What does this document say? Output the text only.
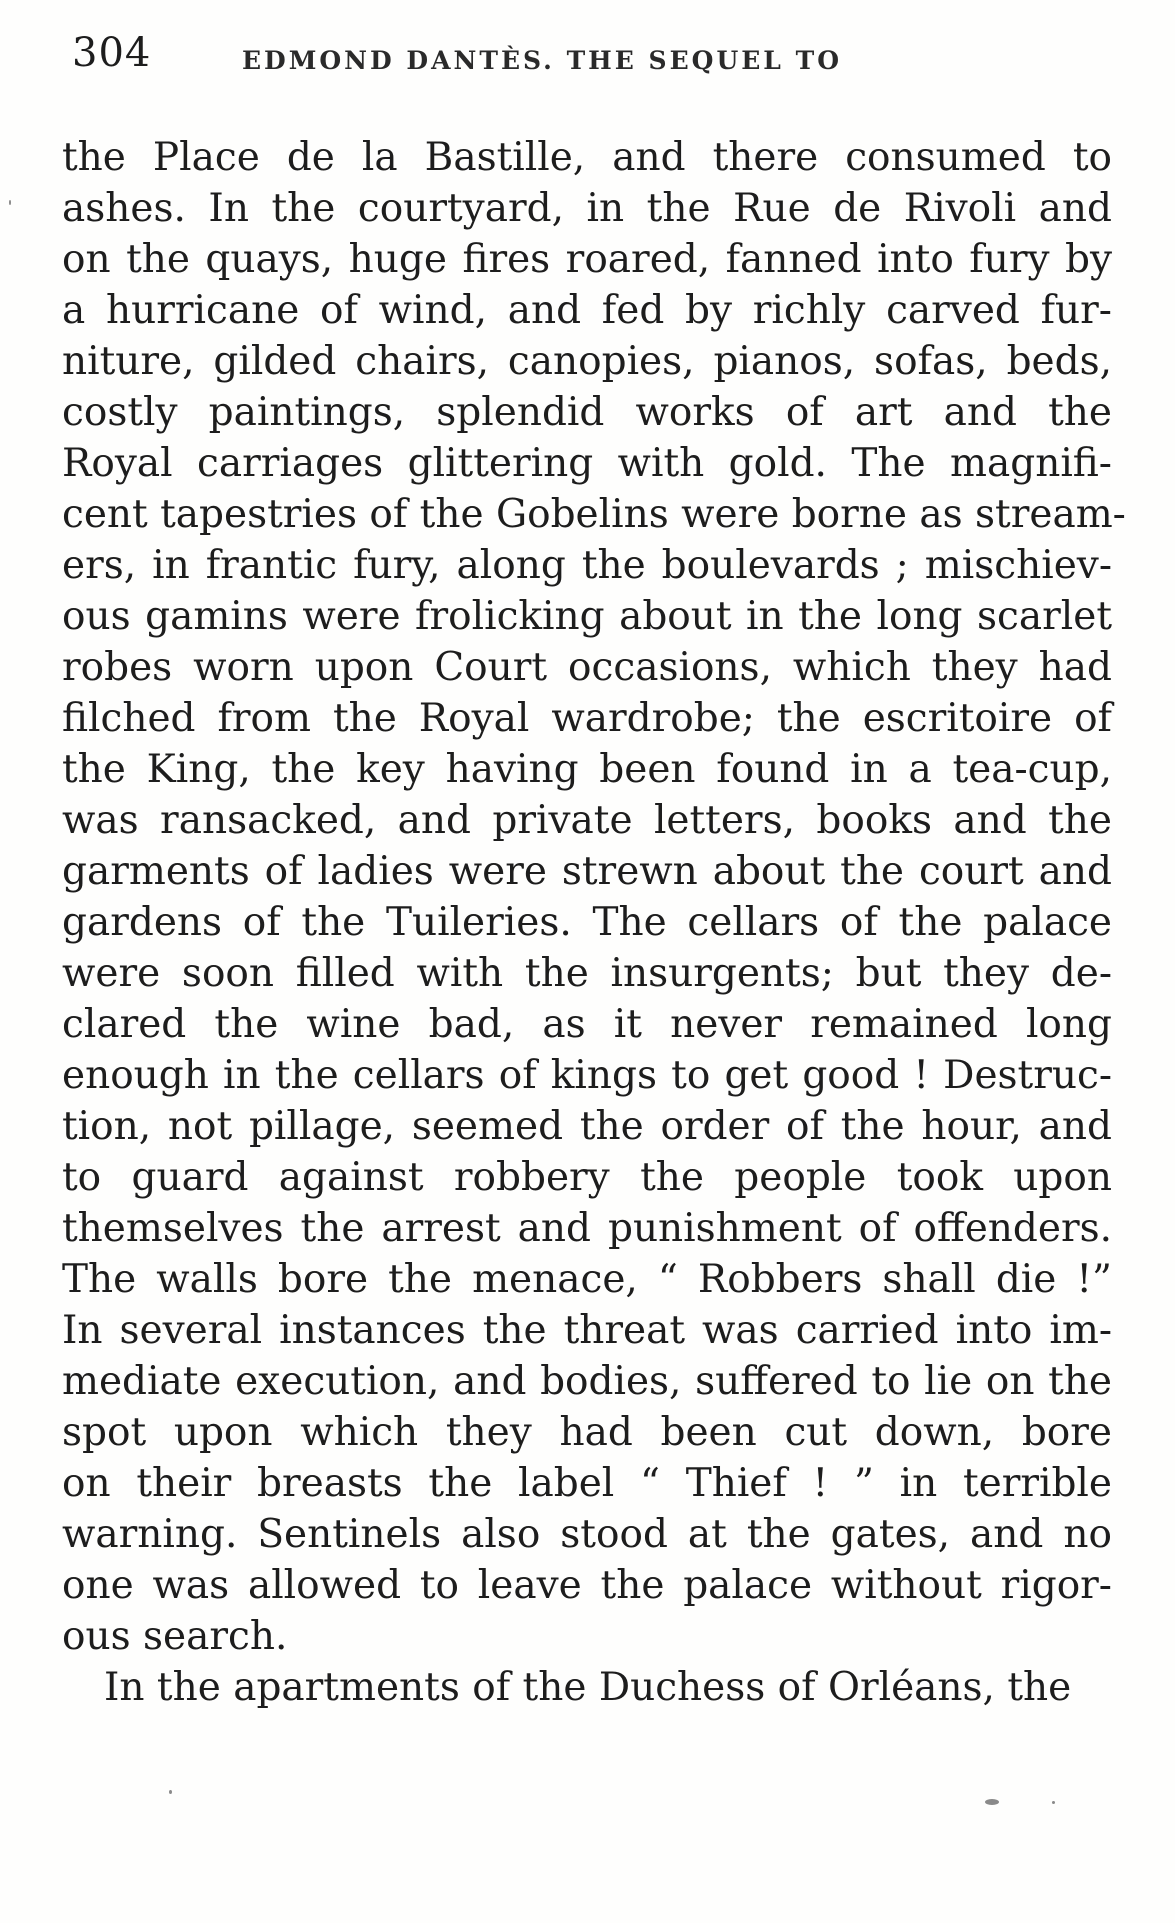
304	EDMOND DANTÈS. THE SEQUEL TO
the Place de la Bastille, and there consumed to
ashes. In the courtyard, in the Rue de Rivoli and
on the quays, huge fires roared, fanned into fury by
a hurricane of wind, and fed by richly carved fur-
niture, gilded chairs, canopies, pianos, sofas, beds,
costly paintings, splendid works of art and the
Royal carriages glittering with gold. The magnifi-
cent tapestries of the Gobelins were borne as stream-
ers, in frantic fury, along the boulevards ; mischiev-
ous gamins were frolicking about in the long scarlet
robes worn upon Court occasions, which they had
filched from the Royal wardrobe; the escritoire of
the King, the key having been found in a tea-cup,
was ransacked, and private letters, books and the
garments of ladies were strewn about the court and
gardens of the Tuileries. The cellars of the palace
were soon filled with the insurgents; but they de-
clared the wine bad, as it never remained long
enough in the cellars of kings to get good ! Destruc-
tion, not pillage, seemed the order of the hour, and
to guard against robbery the people took upon
themselves the arrest and punishment of offenders.
The walls bore the menace, “ Robbers shall die !”
In several instances the threat was carried into im-
mediate execution, and bodies, suffered to lie on the
spot upon which they had been cut down, bore
on their breasts the label “ Thief ! ” in terrible
warning. Sentinels also stood at the gates, and no
one was allowed to leave the palace without rigor-
ous search.
In the apartments of the Duchess of Orléans, the
